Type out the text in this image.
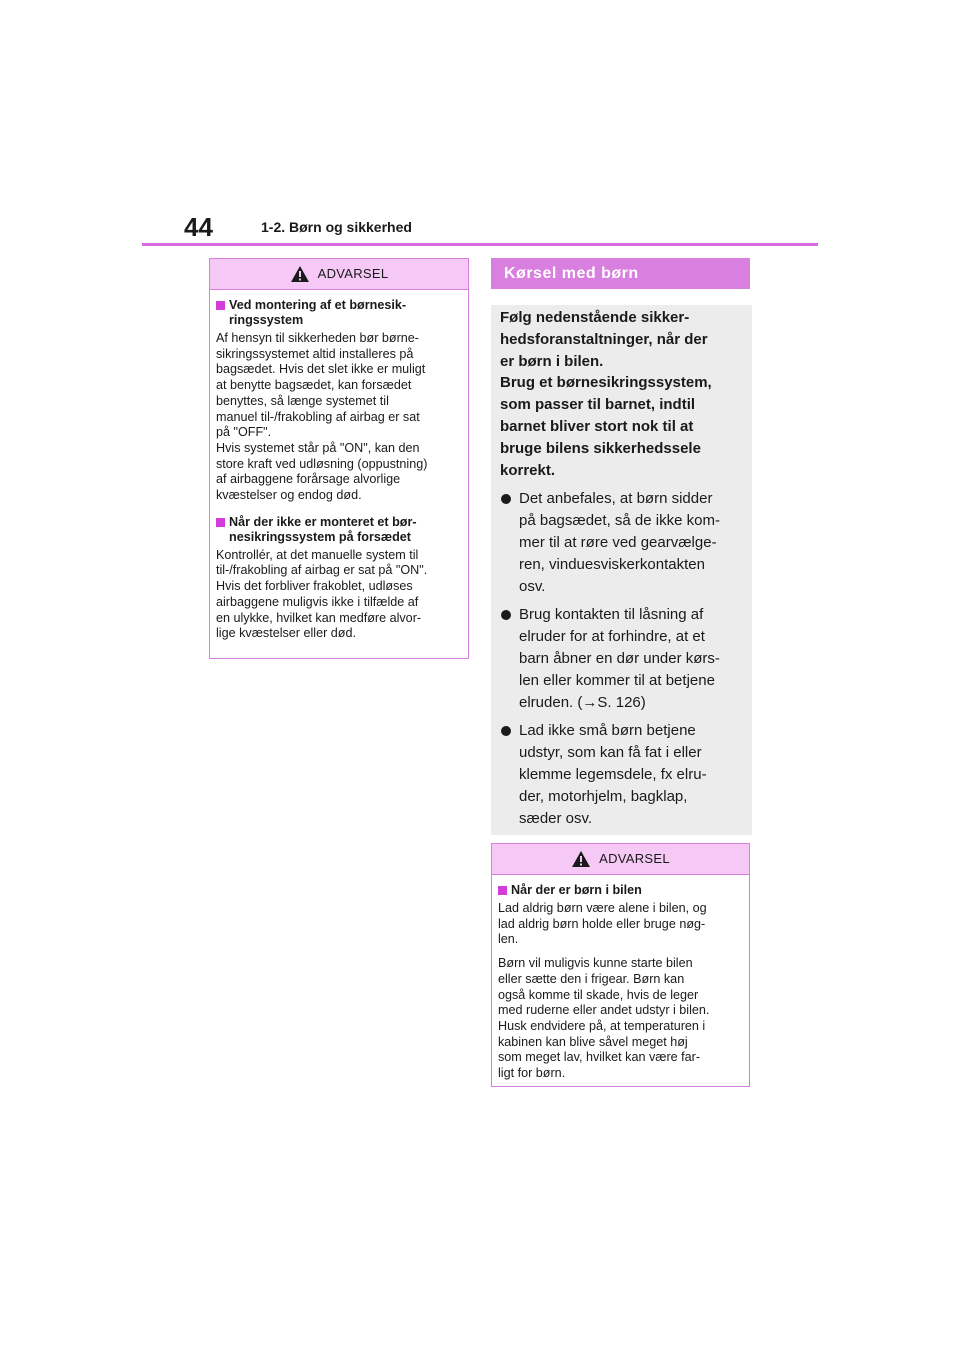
44	1-2. Børn og sikkerhed
ADVARSEL
Ved montering af et børnesik-
ringssystem
Af hensyn til sikkerheden bør børne-
sikringssystemet altid installeres på
bagsædet. Hvis det slet ikke er muligt
at benytte bagsædet, kan forsædet
benyttes, så længe systemet til
manuel til-/frakobling af airbag er sat
på "OFF".
Hvis systemet står på "ON", kan den
store kraft ved udløsning (oppustning)
af airbaggene forårsage alvorlige
kvæstelser og endog død.
Når der ikke er monteret et bør-
nesikringssystem på forsædet
Kontrollér, at det manuelle system til
til-/frakobling af airbag er sat på "ON".
Hvis det forbliver frakoblet, udløses
airbaggene muligvis ikke i tilfælde af
en ulykke, hvilket kan medføre alvor-
lige kvæstelser eller død.
Kørsel med børn
Følg nedenstående sikker-
hedsforanstaltninger, når der
er børn i bilen.
Brug et børnesikringssystem,
som passer til barnet, indtil
barnet bliver stort nok til at
bruge bilens sikkerhedssele
korrekt.
Det anbefales, at børn sidder
på bagsædet, så de ikke kom-
mer til at røre ved gearvælge-
ren, vinduesviskerkontakten
osv.
Brug kontakten til låsning af
elruder for at forhindre, at et
barn åbner en dør under kørs-
len eller kommer til at betjene
elruden. (→S. 126)
Lad ikke små børn betjene
udstyr, som kan få fat i eller
klemme legemsdele, fx elru-
der, motorhjelm, bagklap,
sæder osv.
ADVARSEL
Når der er børn i bilen
Lad aldrig børn være alene i bilen, og
lad aldrig børn holde eller bruge nøg-
len.
Børn vil muligvis kunne starte bilen
eller sætte den i frigear. Børn kan
også komme til skade, hvis de leger
med ruderne eller andet udstyr i bilen.
Husk endvidere på, at temperaturen i
kabinen kan blive såvel meget høj
som meget lav, hvilket kan være far-
ligt for børn.
